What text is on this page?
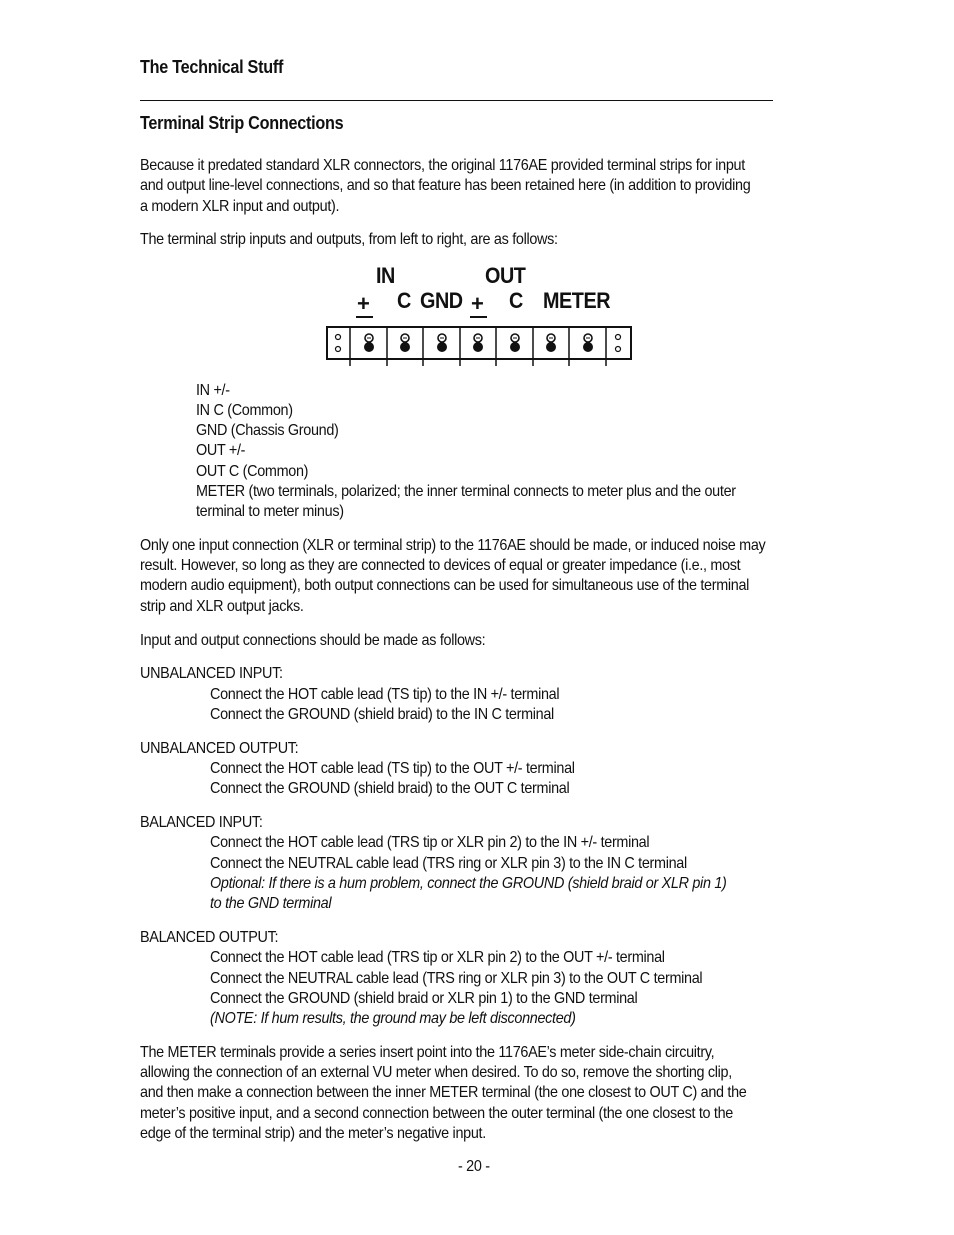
The Technical Stuff
Terminal Strip Connections
Because it predated standard XLR connectors, the original 1176AE provided terminal strips for input
and output line-level connections, and so that feature has been retained here (in addition to providing
a modern XLR input and output).
The terminal strip inputs and outputs, from left to right, are as follows:
IN	OUT
+ C GND + C METER
IN +/-
IN C (Common)
GND (Chassis Ground)
OUT +/-
OUT C (Common)
METER (two terminals, polarized; the inner terminal connects to meter plus and the outer
terminal to meter minus)
Only one input connection (XLR or terminal strip) to the 1176AE should be made, or induced noise may
result. However, so long as they are connected to devices of equal or greater impedance (i.e., most
modern audio equipment), both output connections can be used for simultaneous use of the terminal
strip and XLR output jacks.
Input and output connections should be made as follows:
UNBALANCED INPUT:
Connect the HOT cable lead (TS tip) to the IN +/- terminal
Connect the GROUND (shield braid) to the IN C terminal
UNBALANCED OUTPUT:
Connect the HOT cable lead (TS tip) to the OUT +/- terminal
Connect the GROUND (shield braid) to the OUT C terminal
BALANCED INPUT:
Connect the HOT cable lead (TRS tip or XLR pin 2) to the IN +/- terminal
Connect the NEUTRAL cable lead (TRS ring or XLR pin 3) to the IN C terminal
Optional: If there is a hum problem, connect the GROUND (shield braid or XLR pin 1)
to the GND terminal
BALANCED OUTPUT:
Connect the HOT cable lead (TRS tip or XLR pin 2) to the OUT +/- terminal
Connect the NEUTRAL cable lead (TRS ring or XLR pin 3) to the OUT C terminal
Connect the GROUND (shield braid or XLR pin 1) to the GND terminal
(NOTE: If hum results, the ground may be left disconnected)
The METER terminals provide a series insert point into the 1176AE’s meter side-chain circuitry,
allowing the connection of an external VU meter when desired. To do so, remove the shorting clip,
and then make a connection between the inner METER terminal (the one closest to OUT C) and the
meter’s positive input, and a second connection between the outer terminal (the one closest to the
edge of the terminal strip) and the meter’s negative input.
- 20 -
